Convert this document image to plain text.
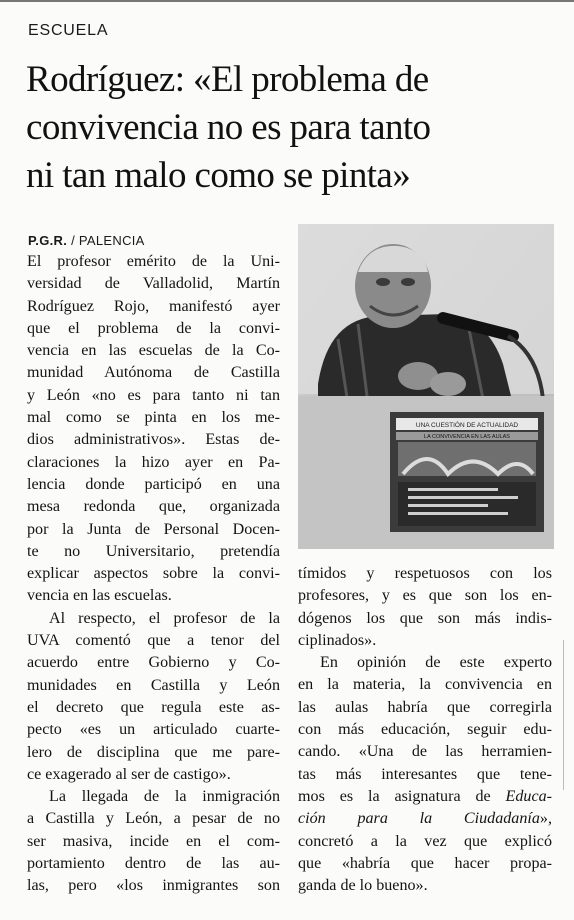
ESCUELA
Rodríguez: «El problema de
convivencia no es para tanto
ni tan malo como se pinta»
P.G.R. / PALENCIA
El profesor emérito de la Uni-
versidad de Valladolid, Martín
Rodríguez Rojo, manifestó ayer
que el problema de la convi-
vencia en las escuelas de la Co-
munidad Autónoma de Castilla
y León «no es para tanto ni tan
mal como se pinta en los me-
dios administrativos». Estas de-
claraciones la hizo ayer en Pa-
lencia donde participó en una
mesa redonda que, organizada
por la Junta de Personal Docen-
te no Universitario, pretendía
explicar aspectos sobre la convi-
vencia en las escuelas.
Al respecto, el profesor de la
UVA comentó que a tenor del
acuerdo entre Gobierno y Co-
munidades en Castilla y León
el decreto que regula este as-
pecto «es un articulado cuarte-
lero de disciplina que me pare-
ce exagerado al ser de castigo».
La llegada de la inmigración
a Castilla y León, a pesar de no
ser masiva, incide en el com-
portamiento dentro de las au-
las, pero «los inmigrantes son
UNA CUESTIÓN DE ACTUALIDAD
LA CONVIVENCIA EN LAS AULAS
tímidos y respetuosos con los
profesores, y es que son los en-
dógenos los que son más indis-
ciplinados».
En opinión de este experto
en la materia, la convivencia en
las aulas habría que corregirla
con más educación, seguir edu-
cando. «Una de las herramien-
tas más interesantes que tene-
mos es la asignatura de Educa-
ción para la Ciudadanía»,
concretó a la vez que explicó
que «habría que hacer propa-
ganda de lo bueno».
